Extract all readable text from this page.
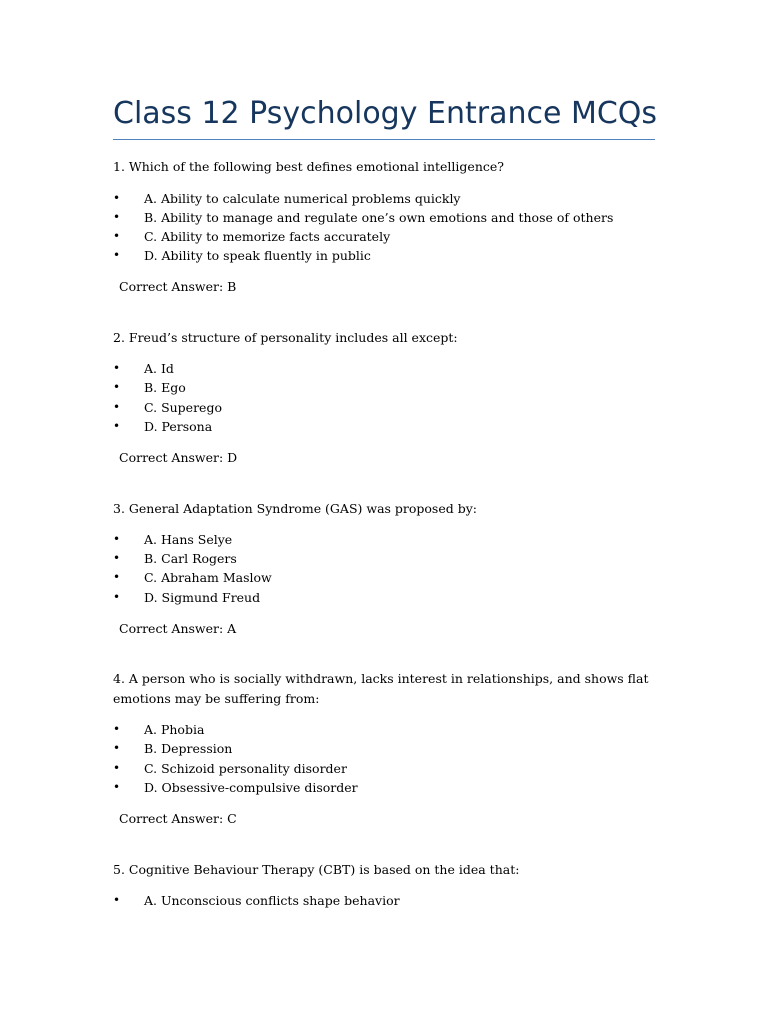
Class 12 Psychology Entrance MCQs

1. Which of the following best defines emotional intelligence?

• A. Ability to calculate numerical problems quickly
• B. Ability to manage and regulate one’s own emotions and those of others
• C. Ability to memorize facts accurately
• D. Ability to speak fluently in public

Correct Answer: B

2. Freud’s structure of personality includes all except:

• A. Id
• B. Ego
• C. Superego
• D. Persona

Correct Answer: D

3. General Adaptation Syndrome (GAS) was proposed by:

• A. Hans Selye
• B. Carl Rogers
• C. Abraham Maslow
• D. Sigmund Freud

Correct Answer: A

4. A person who is socially withdrawn, lacks interest in relationships, and shows flat emotions may be suffering from:

• A. Phobia
• B. Depression
• C. Schizoid personality disorder
• D. Obsessive-compulsive disorder

Correct Answer: C

5. Cognitive Behaviour Therapy (CBT) is based on the idea that:

• A. Unconscious conflicts shape behavior
